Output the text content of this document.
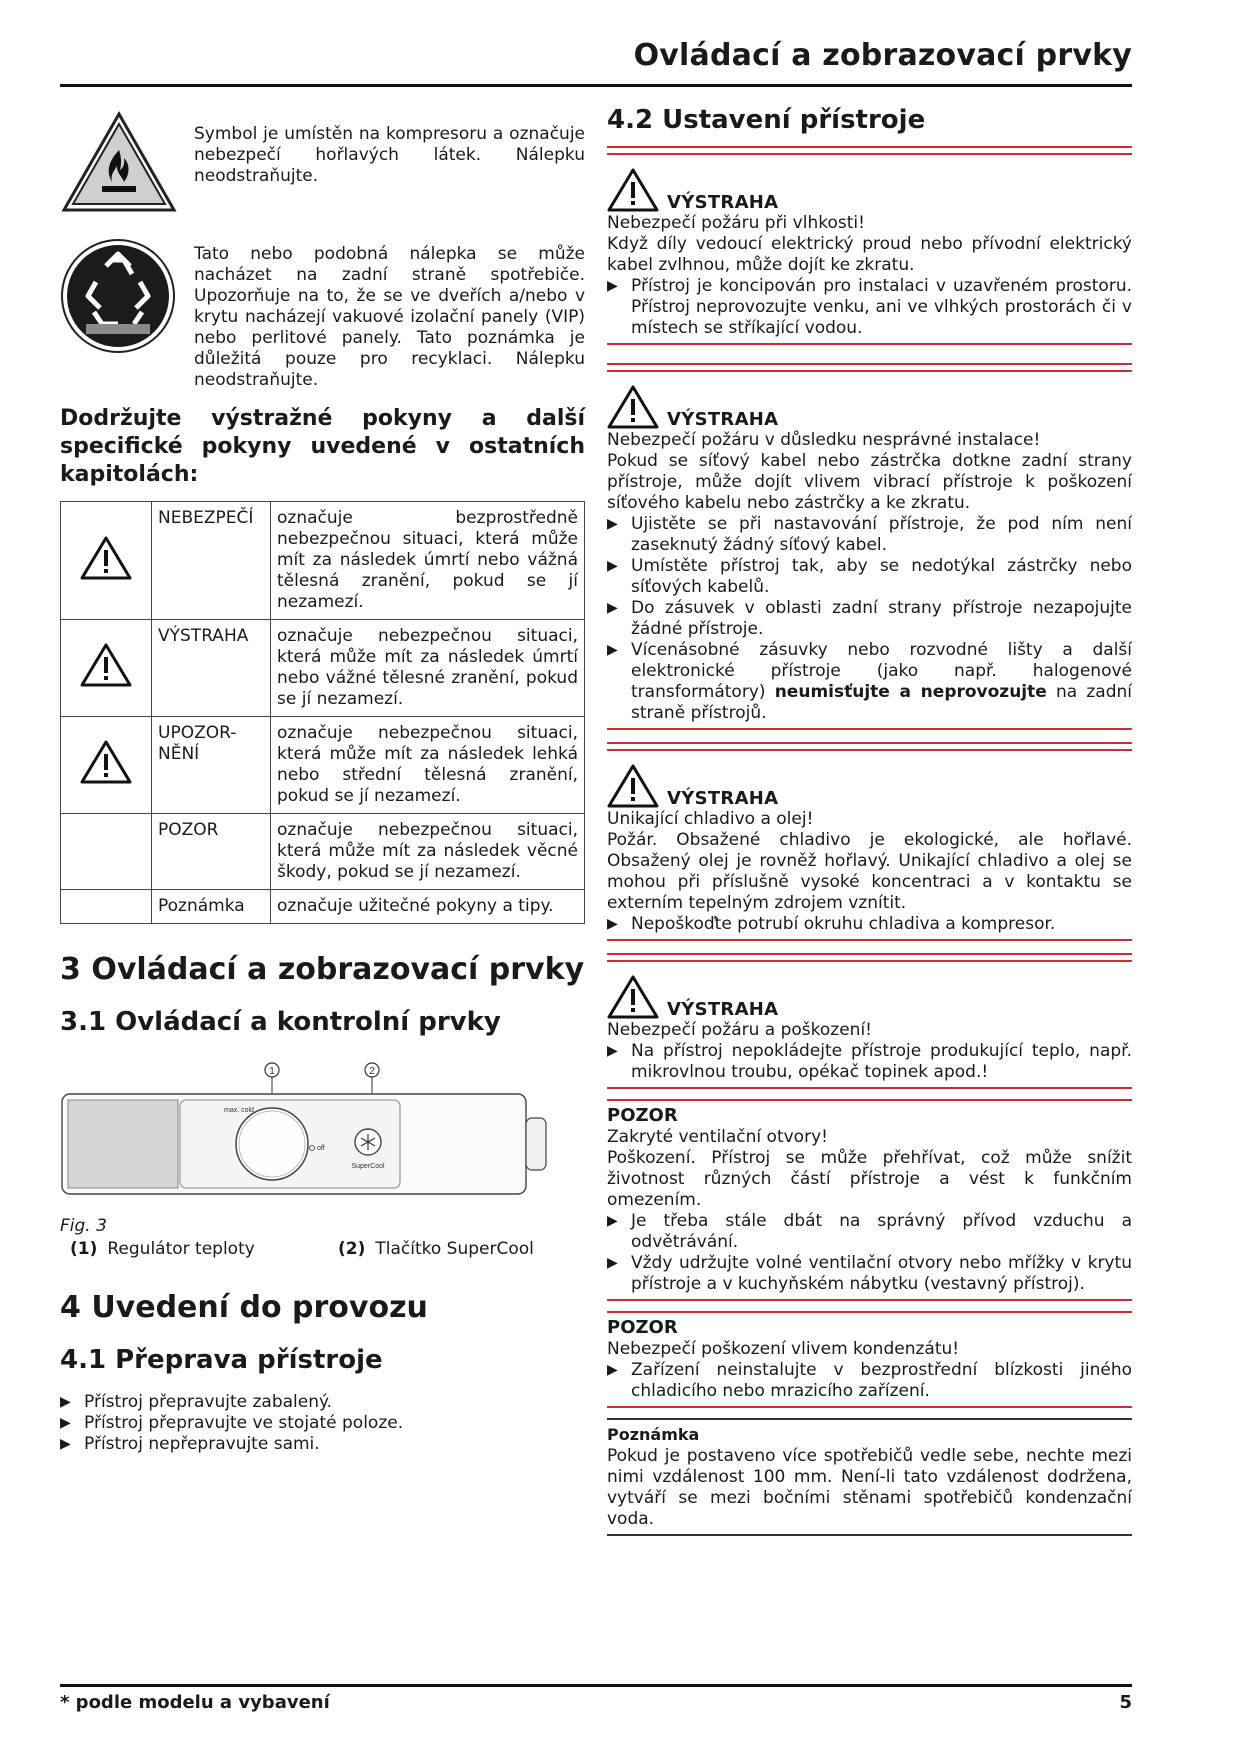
Ovládací a zobrazovací prvky
Symbol je umístěn na kompresoru a označuje nebezpečí hořlavých látek. Nálepku neodstraňujte.
Tato nebo podobná nálepka se může nacházet na zadní straně spotřebiče. Upozorňuje na to, že se ve dveřích a/nebo v krytu nacházejí vakuové izolační panely (VIP) nebo perlitové panely. Tato poznámka je důležitá pouze pro recyklaci. Nálepku neodstraňujte.
Dodržujte výstražné pokyny a další specifické pokyny uvedené v ostatních kapitolách:
	NEBEZPEČÍ	označuje bezprostředně nebezpečnou situaci, která může mít za následek úmrtí nebo vážná tělesná zranění, pokud se jí nezamezí.
	VÝSTRAHA	označuje nebezpečnou situaci, která může mít za následek úmrtí nebo vážné tělesné zranění, pokud se jí nezamezí.
	UPOZOR-NĚNÍ	označuje nebezpečnou situaci, která může mít za následek lehká nebo střední tělesná zranění, pokud se jí nezamezí.
	POZOR	označuje nebezpečnou situaci, která může mít za následek věcné škody, pokud se jí nezamezí.
	Poznámka	označuje užitečné pokyny a tipy.
3 Ovládací a zobrazovací prvky
3.1 Ovládací a kontrolní prvky
1	2
max. cold
off
SuperCool
Fig. 3
(1) Regulátor teploty	(2) Tlačítko SuperCool
4 Uvedení do provozu
4.1 Přeprava přístroje
▶ Přístroj přepravujte zabalený.
▶ Přístroj přepravujte ve stojaté poloze.
▶ Přístroj nepřepravujte sami.
4.2 Ustavení přístroje
VÝSTRAHA

Nebezpečí požáru při vlhkosti!

Když díly vedoucí elektrický proud nebo přívodní elektrický kabel zvlhnou, může dojít ke zkratu.

▶ Přístroj je koncipován pro instalaci v uzavřeném prostoru. Přístroj neprovozujte venku, ani ve vlhkých prostorách či v místech se stříkající vodou.
VÝSTRAHA

Nebezpečí požáru v důsledku nesprávné instalace!

Pokud se síťový kabel nebo zástrčka dotkne zadní strany přístroje, může dojít vlivem vibrací přístroje k poškození síťového kabelu nebo zástrčky a ke zkratu.

▶ Ujistěte se při nastavování přístroje, že pod ním není zaseknutý žádný síťový kabel.
▶ Umístěte přístroj tak, aby se nedotýkal zástrčky nebo síťových kabelů.
▶ Do zásuvek v oblasti zadní strany přístroje nezapojujte žádné přístroje.
▶ Vícenásobné zásuvky nebo rozvodné lišty a další elektronické přístroje (jako např. halogenové transformátory) neumisťujte a neprovozujte na zadní straně přístrojů.
VÝSTRAHA

Unikající chladivo a olej!

Požár. Obsažené chladivo je ekologické, ale hořlavé. Obsažený olej je rovněž hořlavý. Unikající chladivo a olej se mohou při příslušně vysoké koncentraci a v kontaktu se externím tepelným zdrojem vznítit.

▶ Nepoškoďte potrubí okruhu chladiva a kompresor.
VÝSTRAHA

Nebezpečí požáru a poškození!

▶ Na přístroj nepokládejte přístroje produkující teplo, např. mikrovlnou troubu, opékač topinek apod.!
POZOR

Zakryté ventilační otvory!

Poškození. Přístroj se může přehřívat, což může snížit životnost různých částí přístroje a vést k funkčním omezením.

▶ Je třeba stále dbát na správný přívod vzduchu a odvětrávání.
▶ Vždy udržujte volné ventilační otvory nebo mřížky v krytu přístroje a v kuchyňském nábytku (vestavný přístroj).
POZOR

Nebezpečí poškození vlivem kondenzátu!

▶ Zařízení neinstalujte v bezprostřední blízkosti jiného chladicího nebo mrazicího zařízení.
Poznámka

Pokud je postaveno více spotřebičů vedle sebe, nechte mezi nimi vzdálenost 100 mm. Není-li tato vzdálenost dodržena, vytváří se mezi bočními stěnami spotřebičů kondenzační voda.

* podle modelu a vybavení	5
